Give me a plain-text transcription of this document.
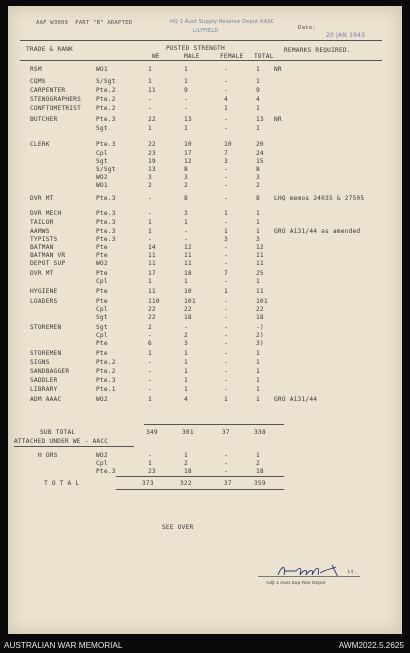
AAF W3009  PART "B" ADAPTED	HQ 1 Aust Supply Reserve Depot AASC
LILYFIELD	Date:
20 JAN 1943
TRADE & RANK	POSTED STRENGTH
WE	MALE	FEMALE TOTAL
REMARKS REQUIRED.
SUB TOTAL	349	301	37	338
ATTACHED UNDER WE - AACC
T O T A L	373	322	37	359
SEE OVER
Lt.
Adjt 1 Aust Sup Res Depot
RSM	WO1	1	1	-	1 NR
CQMS	S/Sgt	1	1	-	1
CARPENTER	Pte.2	11	9	-	9
STENOGRAPHERS Pte.2	-	-	4	4
CONFTOMETRIST Pte.2	-	-	1	1
BUTCHER	Pte.3	22	13	-	13 NR
Sgt	1	1	-	1
CLERK	Pte.3	22	10	10	20
Cpl	23	17	7	24
Sgt	19	12	3	15
S/Sgt	13	8	-	8
WO2	3	3	-	3
WO1	2	2	-	2
DVR MT	Pte.3	-	8	-	8 LHQ memos 24035 & 27505
DVR MECH	Pte.3	-	3	1	1
TAILOR	Pte.3	1	1	-	1
AAMWS	Pte.3	1	-	1	1 GRO A131/44 as amended
TYPISTS	Pte.3	-	-	3	3
BATMAN	Pte	14	12	-	12
BATMAN VR	Pte	11	11	-	11
DEPOT SUP	WO2	11	11	-	11
DVR MT	Pte	17	18	7	25
Cpl	1	1	-	1
HYGIENE	Pte	11	10	1	11
LOADERS	Pte	110	101	-	101
Cpl	22	22	-	22
Sgt	22	18	-	18
STOREMEN	Sgt	2	-	-	-)
Cpl	-	2	-	2)
Pte	6	3	-	3)
STOREMEN	Pte	1	1	-	1
SIGNS	Pte.2	-	1	-	1
SANDBAGGER	Pte.2	-	1	-	1
SADDLER	Pte.3	-	1	-	1
LIBRARY	Pte.1	-	1	-	1
ADM AAAC	WO2	1	4	1	1 GRO A131/44
H ORS	WO2	-	1	-	1
Cpl	1	2	-	2
Pte.3	23	18	-	18
AUSTRALIAN WAR MEMORIAL	AWM2022.5.2625
